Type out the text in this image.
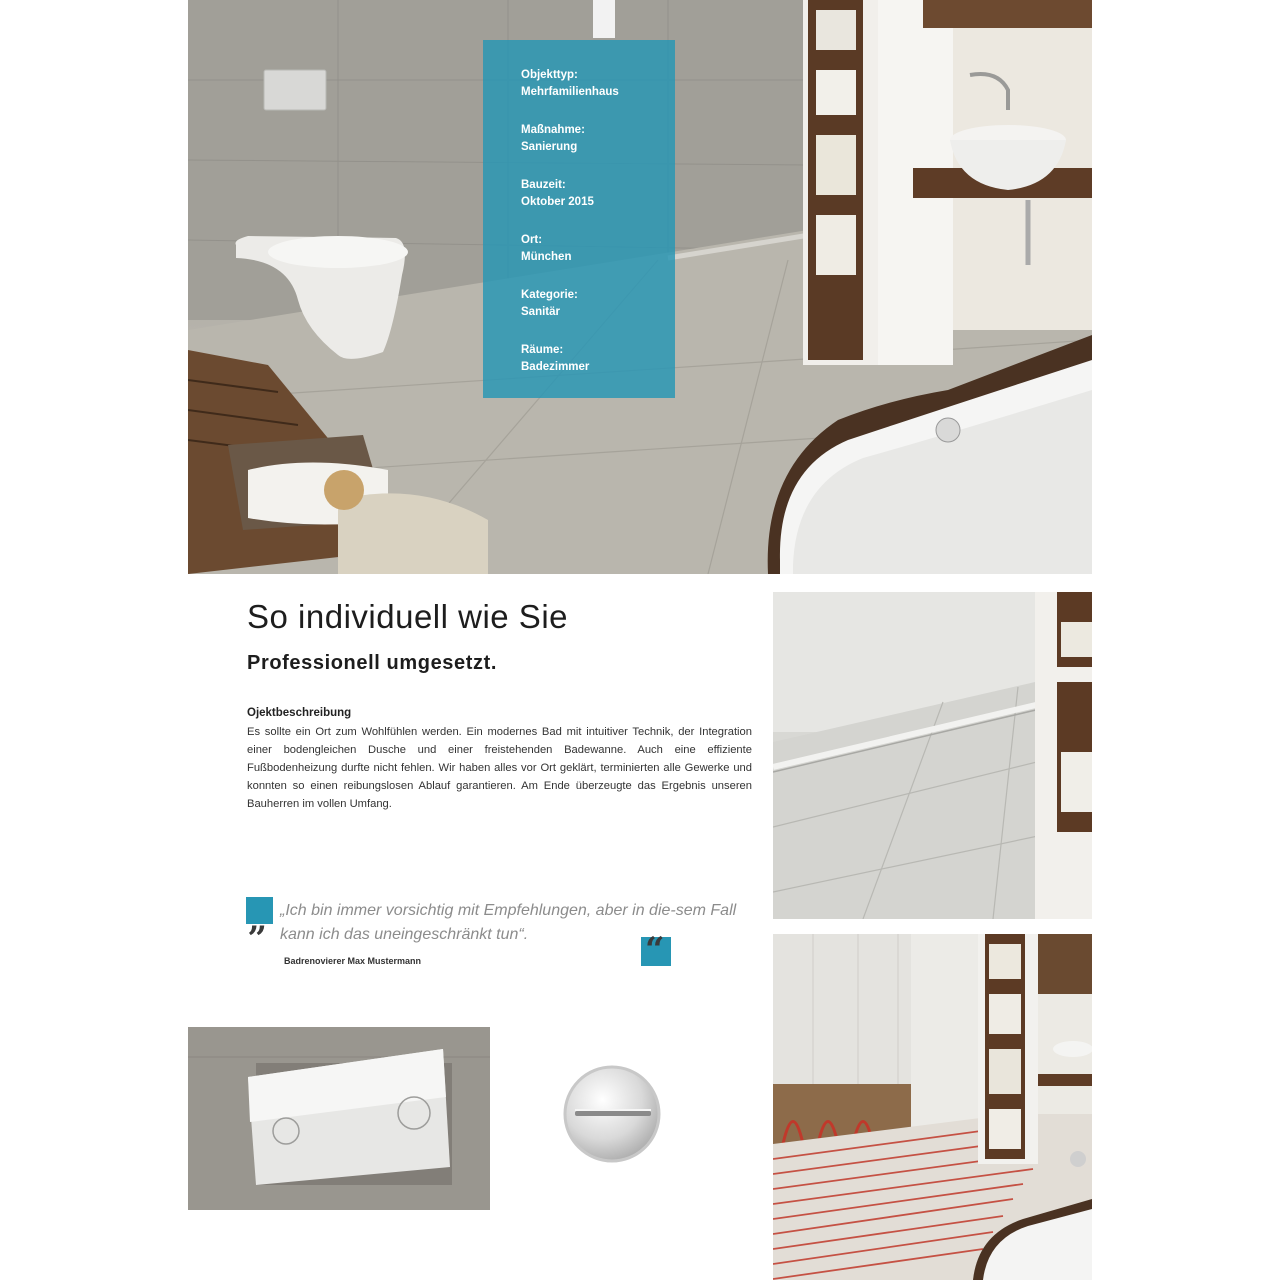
Objekttyp:
Mehrfamilienhaus
Maßnahme:
Sanierung
Bauzeit:
Oktober 2015
Ort:
München
Kategorie:
Sanitär
Räume:
Badezimmer
So individuell wie Sie
Professionell umgesetzt.
Ojektbeschreibung
Es sollte ein Ort zum Wohlfühlen werden. Ein modernes Bad mit intuitiver Technik, der Integration einer bodengleichen Dusche und einer freistehenden Badewanne. Auch eine effiziente Fußbodenheizung durfte nicht fehlen. Wir haben alles vor Ort geklärt, terminierten alle Gewerke und konnten so einen reibungslosen Ablauf garantieren. Am Ende überzeugte das Ergebnis unseren Bauherren im vollen Umfang.
„ „Ich bin immer vorsichtig mit Empfehlungen, aber in die-sem Fall kann ich das uneingeschränkt tun“.	“
Badrenovierer Max Mustermann
